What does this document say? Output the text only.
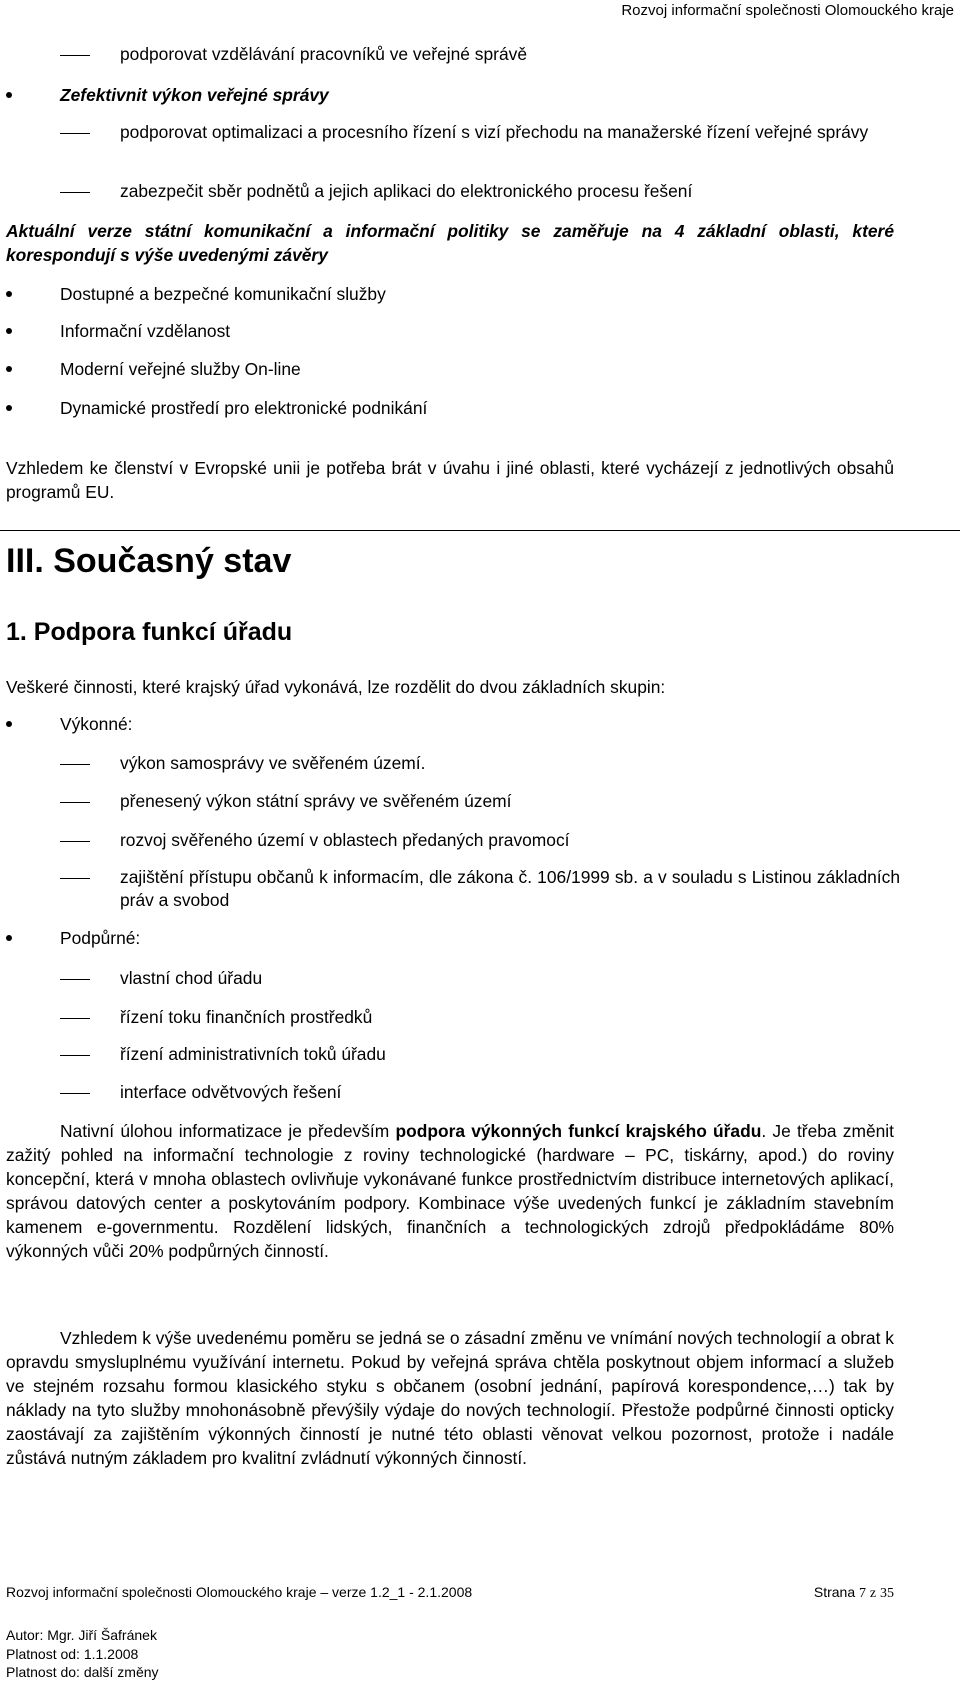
Rozvoj informační společnosti Olomouckého kraje
podporovat vzdělávání pracovníků ve veřejné správě
Zefektivnit výkon veřejné správy
podporovat optimalizaci a procesního řízení s vizí přechodu na manažerské řízení veřejné správy
zabezpečit sběr podnětů a jejich aplikaci do elektronického procesu řešení
Aktuální verze státní komunikační a informační politiky se zaměřuje na 4 základní oblasti, které korespondují s výše uvedenými závěry
Dostupné a bezpečné komunikační služby
Informační vzdělanost
Moderní veřejné služby On-line
Dynamické prostředí pro elektronické podnikání
Vzhledem ke členství v Evropské unii je potřeba brát v úvahu i jiné oblasti, které vycházejí z jednotlivých obsahů programů EU.
III. Současný stav
1. Podpora funkcí úřadu
Veškeré činnosti, které krajský úřad vykonává, lze rozdělit do dvou základních skupin:
Výkonné:
výkon samosprávy ve svěřeném území.
přenesený výkon státní správy ve svěřeném území
rozvoj svěřeného území v oblastech předaných pravomocí
zajištění přístupu občanů k informacím, dle zákona č. 106/1999 sb. a v souladu s Listinou základních práv a svobod
Podpůrné:
vlastní chod úřadu
řízení toku finančních prostředků
řízení administrativních toků úřadu
interface odvětvových řešení
Nativní úlohou informatizace je především podpora výkonných funkcí krajského úřadu. Je třeba změnit zažitý pohled na informační technologie z roviny technologické (hardware – PC, tiskárny, apod.) do roviny koncepční, která v mnoha oblastech ovlivňuje vykonávané funkce prostřednictvím distribuce internetových aplikací, správou datových center a poskytováním podpory. Kombinace výše uvedených funkcí je základním stavebním kamenem e-governmentu. Rozdělení lidských, finančních a technologických zdrojů předpokládáme 80% výkonných vůči 20% podpůrných činností.
Vzhledem k výše uvedenému poměru se jedná se o zásadní změnu ve vnímání nových technologií a obrat k opravdu smysluplnému využívání internetu. Pokud by veřejná správa chtěla poskytnout objem informací a služeb ve stejném rozsahu formou klasického styku s občanem (osobní jednání, papírová korespondence,…) tak by náklady na tyto služby mnohonásobně převýšily výdaje do nových technologií. Přestože podpůrné činnosti opticky zaostávají za zajištěním výkonných činností je nutné této oblasti věnovat velkou pozornost, protože i nadále zůstává nutným základem pro kvalitní zvládnutí výkonných činností.
Rozvoj informační společnosti Olomouckého kraje – verze 1.2_1 - 2.1.2008	Strana 7 z 35
Autor: Mgr. Jiří Šafránek
Platnost od: 1.1.2008
Platnost do: další změny
